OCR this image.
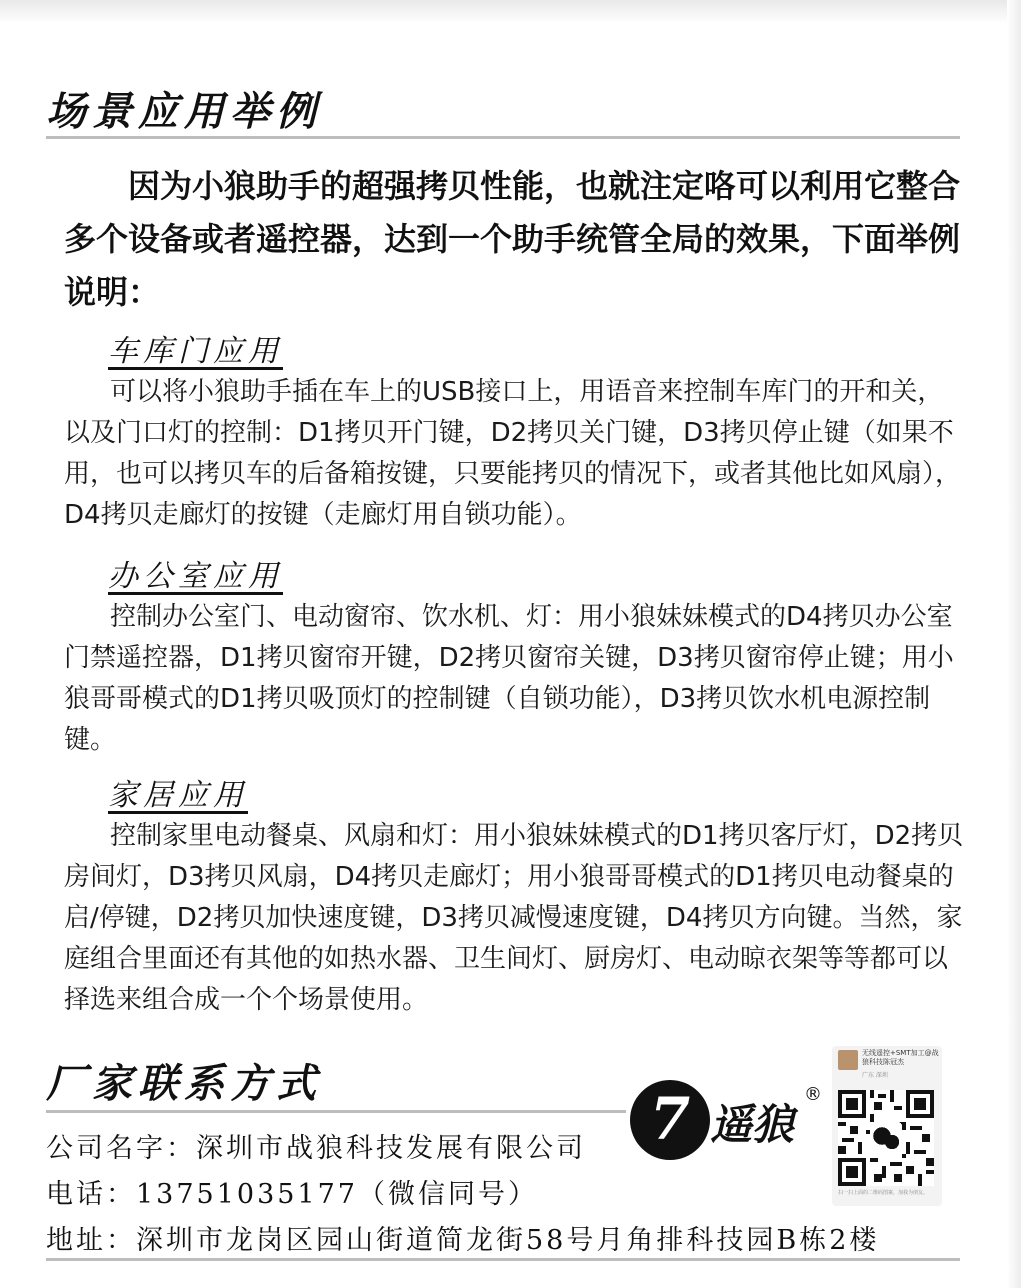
场景应用举例

因为小狼助手的超强拷贝性能，也就注定咯可以利用它整合多个设备或者遥控器，达到一个助手统管全局的效果，下面举例说明：

车库门应用

可以将小狼助手插在车上的USB接口上，用语音来控制车库门的开和关，以及门口灯的控制：D1拷贝开门键，D2拷贝关门键，D3拷贝停止键（如果不用，也可以拷贝车的后备箱按键，只要能拷贝的情况下，或者其他比如风扇），D4拷贝走廊灯的按键（走廊灯用自锁功能）。

办公室应用

控制办公室门、电动窗帘、饮水机、灯：用小狼妹妹模式的D4拷贝办公室门禁遥控器，D1拷贝窗帘开键，D2拷贝窗帘关键，D3拷贝窗帘停止键；用小狼哥哥模式的D1拷贝吸顶灯的控制键（自锁功能），D3拷贝饮水机电源控制键。

家居应用

控制家里电动餐桌、风扇和灯：用小狼妹妹模式的D1拷贝客厅灯，D2拷贝房间灯，D3拷贝风扇，D4拷贝走廊灯；用小狼哥哥模式的D1拷贝电动餐桌的启/停键，D2拷贝加快速度键，D3拷贝减慢速度键，D4拷贝方向键。当然，家庭组合里面还有其他的如热水器、卫生间灯、厨房灯、电动晾衣架等等都可以择选来组合成一个个场景使用。

厂家联系方式
公司名字：深圳市战狼科技发展有限公司
电话：13751035177（微信同号）
地址：深圳市龙岗区园山街道简龙街58号月角排科技园B栋2楼
7 遥狼
®
无线遥控+SMT加工@战狼科技陈冠杰
广东 深圳
扫一扫上面的二维码图案，加我为朋友。
